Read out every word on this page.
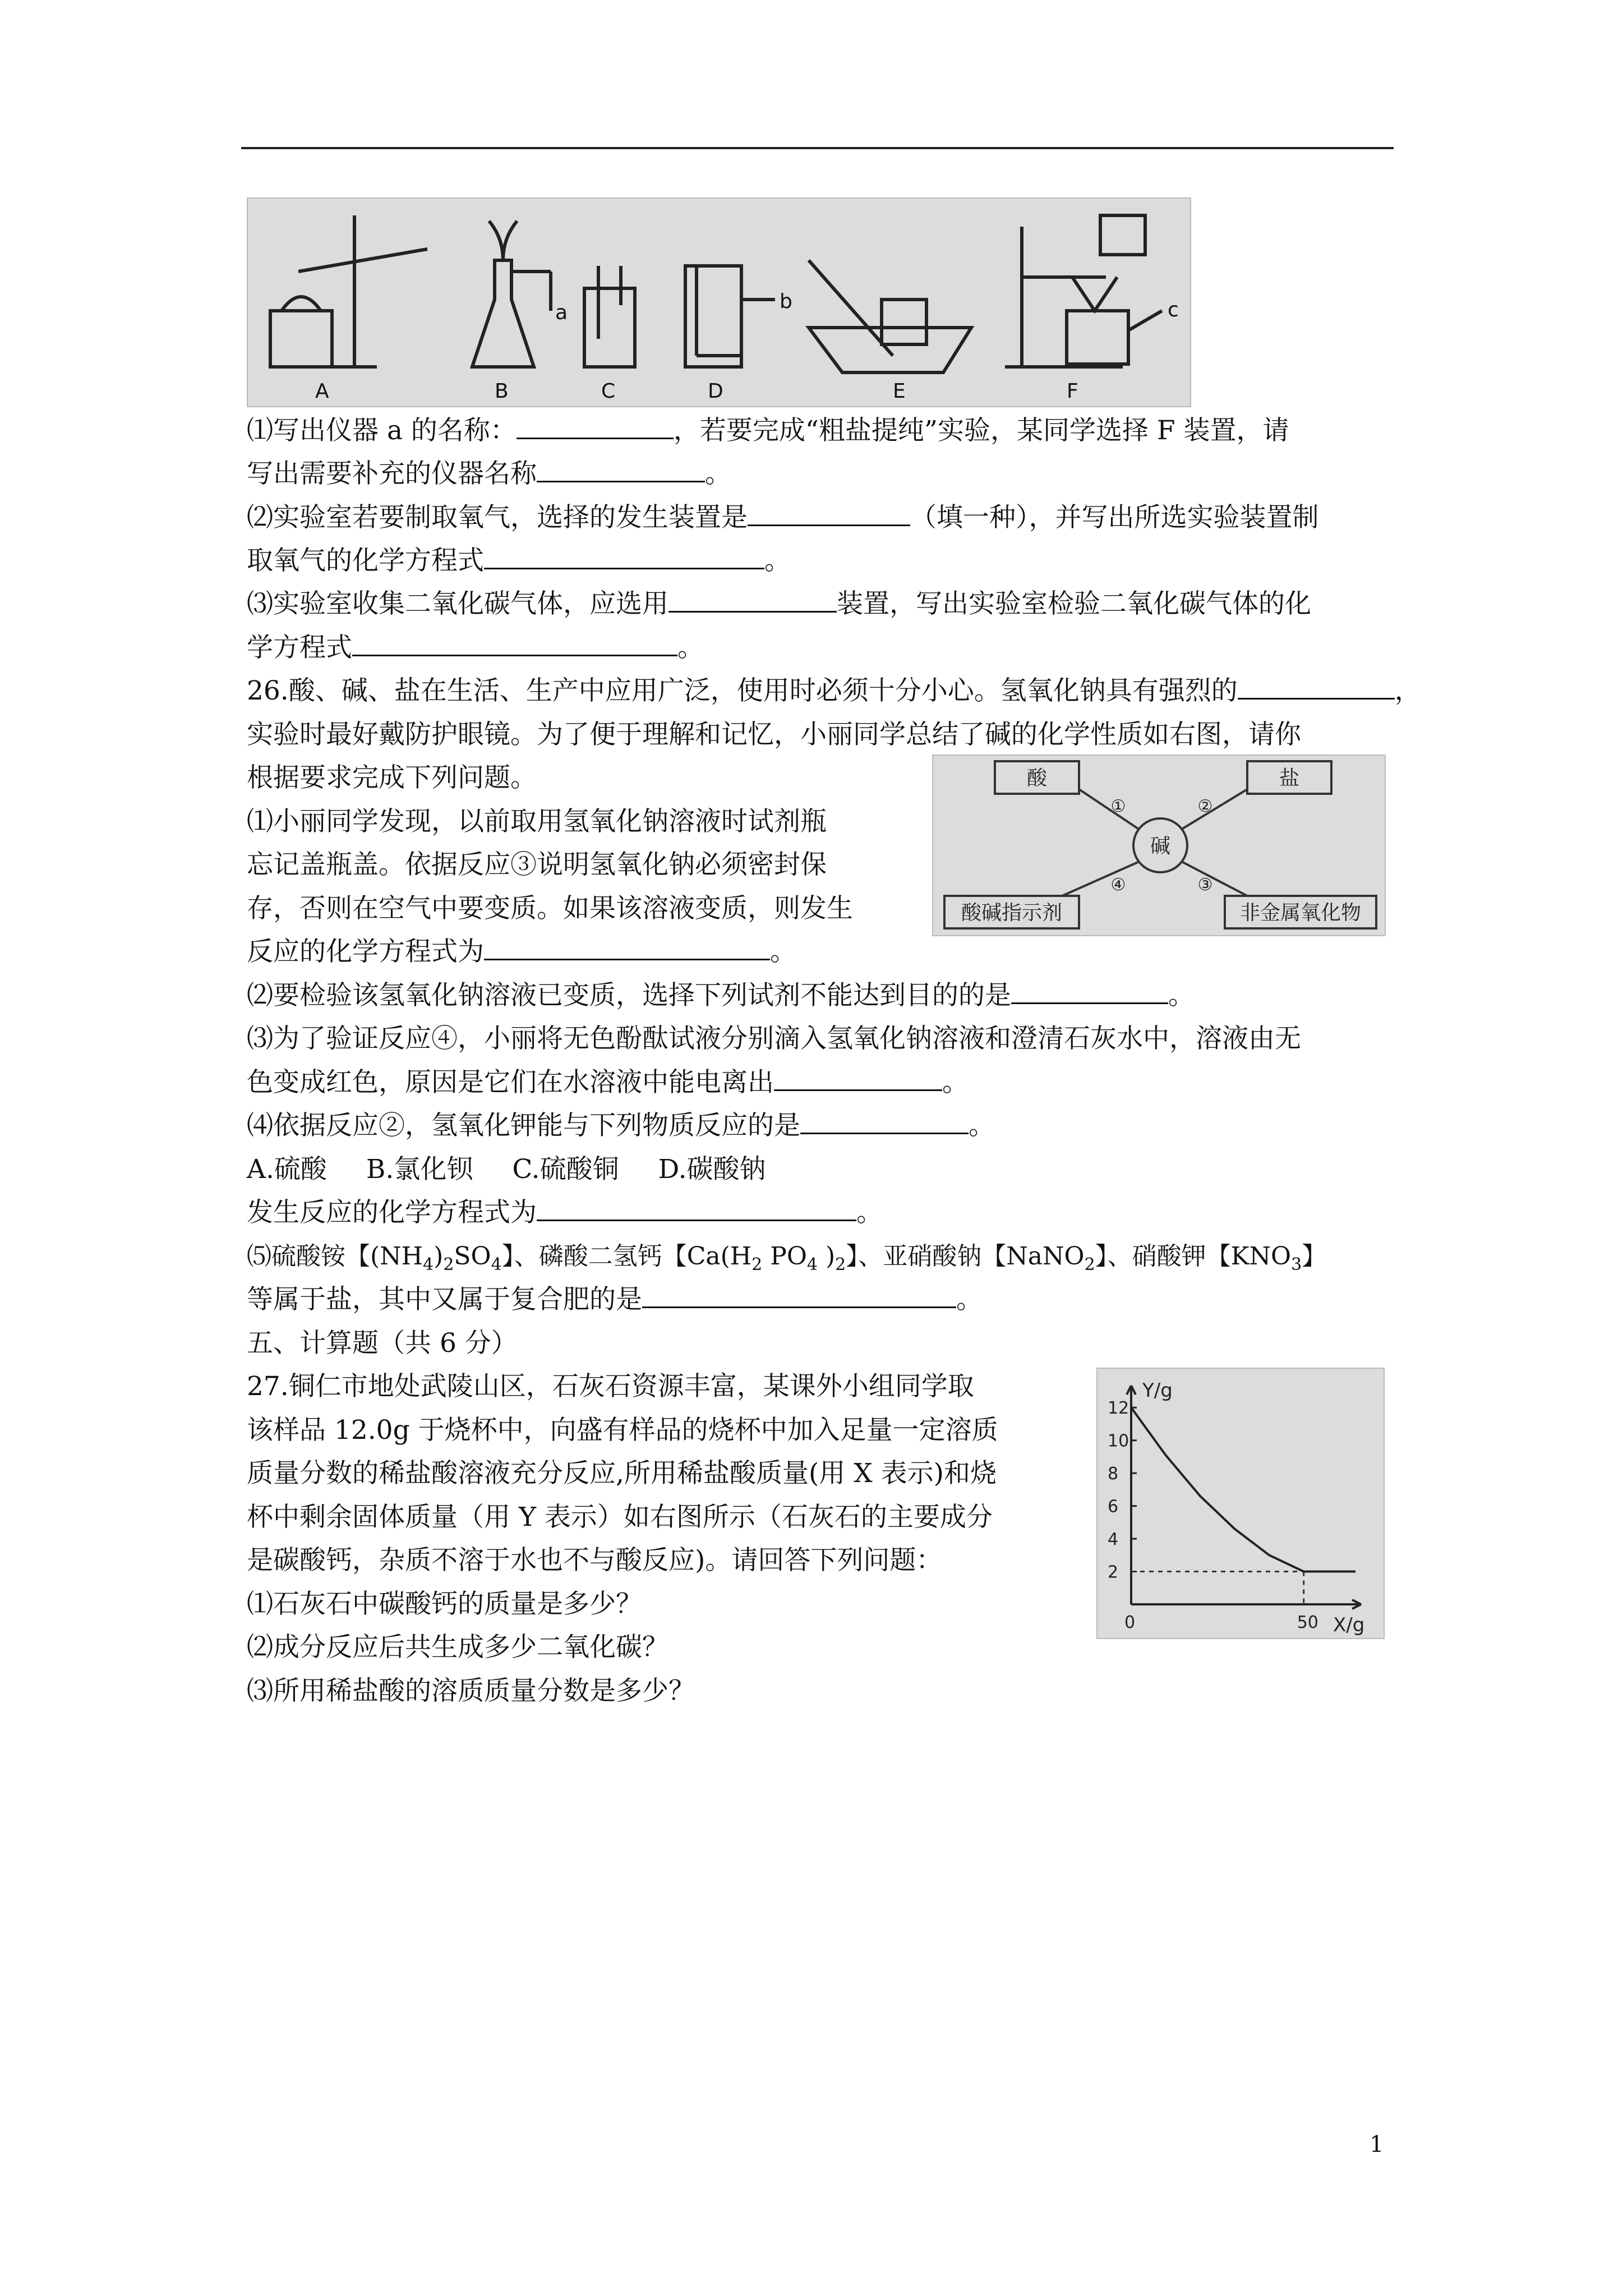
A	B	C	D	E	F
a	b	c
⑴写出仪器 a 的名称：	，若要完成“粗盐提纯”实验，某同学选择 F 装置，请
写出需要补充的仪器名称	。
⑵实验室若要制取氧气，选择的发生装置是	（填一种），并写出所选实验装置制
取氧气的化学方程式	。
⑶实验室收集二氧化碳气体，应选用	装置，写出实验室检验二氧化碳气体的化
学方程式	。
26.酸、碱、盐在生活、生产中应用广泛，使用时必须十分小心。氢氧化钠具有强烈的	，
实验时最好戴防护眼镜。为了便于理解和记忆，小丽同学总结了碱的化学性质如右图，请你
根据要求完成下列问题。
⑴小丽同学发现，以前取用氢氧化钠溶液时试剂瓶
忘记盖瓶盖。依据反应③说明氢氧化钠必须密封保
存，否则在空气中要变质。如果该溶液变质，则发生
反应的化学方程式为	。
碱
酸	盐
酸碱指示剂	非金属氧化物
①	②
④	③
⑵要检验该氢氧化钠溶液已变质，选择下列试剂不能达到目的的是	。
⑶为了验证反应④，小丽将无色酚酞试液分别滴入氢氧化钠溶液和澄清石灰水中，溶液由无
色变成红色，原因是它们在水溶液中能电离出	。
⑷依据反应②，氢氧化钾能与下列物质反应的是	。
A.硫酸 B.氯化钡 C.硫酸铜 D.碳酸钠
发生反应的化学方程式为	。
⑸硫酸铵【$(NH_4)_2SO_4$】、磷酸二氢钙【$Ca(H_2$ $PO_4$ )$_2$】、亚硝酸钠【NaNO$_2$】、硝酸钾【$KNO_3$】
等属于盐，其中又属于复合肥的是	。
五、计算题（共 6 分）
27.铜仁市地处武陵山区，石灰石资源丰富，某课外小组同学取
该样品 12.0g 于烧杯中，向盛有样品的烧杯中加入足量一定溶质
质量分数的稀盐酸溶液充分反应,所用稀盐酸质量(用 X 表示)和烧
杯中剩余固体质量（用 Y 表示）如右图所示（石灰石的主要成分
是碳酸钙，杂质不溶于水也不与酸反应)。请回答下列问题：
⑴石灰石中碳酸钙的质量是多少？
⑵成分反应后共生成多少二氧化碳？
⑶所用稀盐酸的溶质质量分数是多少？
Y/g
X/g
2
4
6
8
10
12
0	50
1
